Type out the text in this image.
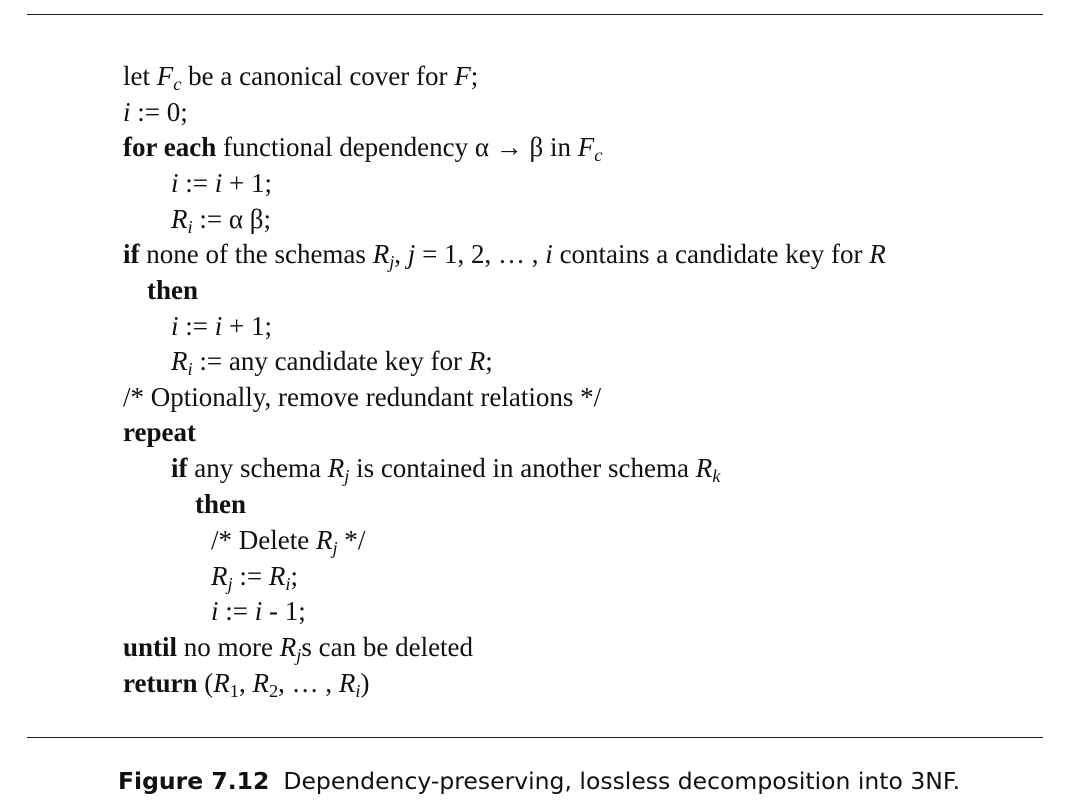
let $F_c$ be a canonical cover for F;
i := 0;
for each functional dependency α → β in $F_c$
i := i + 1;
$R_i$ := α β;
if none of the schemas $R_j$, j = 1, 2, … , i contains a candidate key for R
then
i := i + 1;
$R_i$ := any candidate key for R;
/* Optionally, remove redundant relations */
repeat
if any schema $R_j$ is contained in another schema $R_k$
then
/* Delete $R_j$ */
$R_j$ := $R_i$;
i := i - 1;
until no more $R_js$ can be deleted
return ($R_1$, $R_2$, … , $R_i$)
Figure 7.12 Dependency-preserving, lossless decomposition into 3NF.
